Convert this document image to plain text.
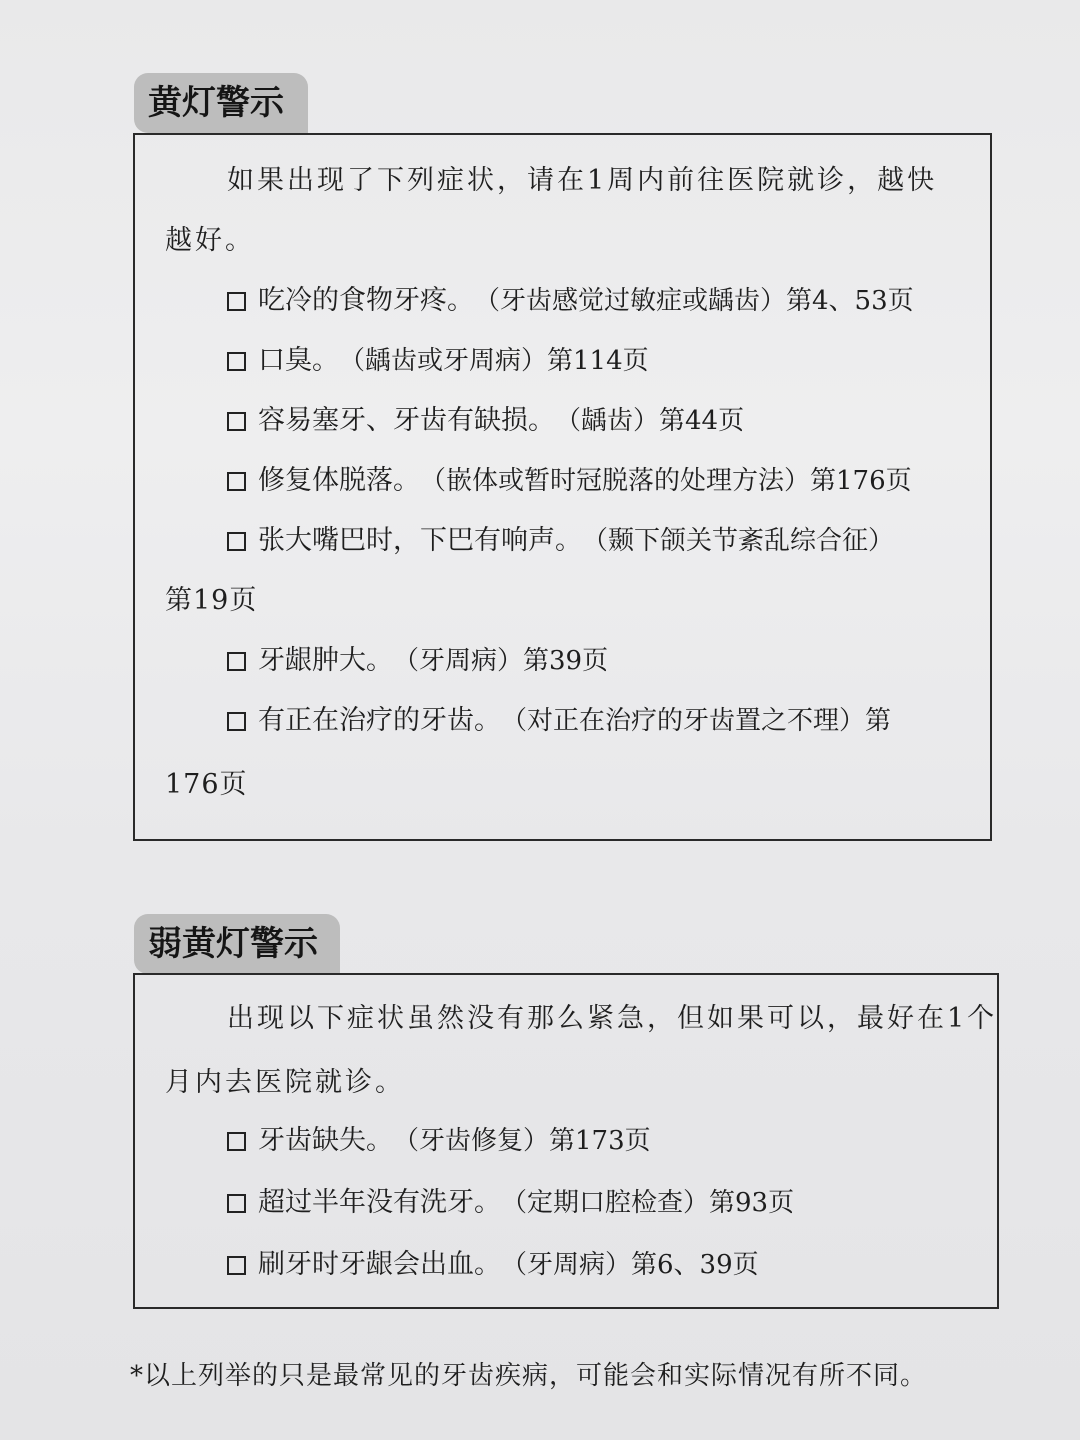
黄灯警示
如果出现了下列症状，请在1周内前往医院就诊，越快
越好。
吃冷的食物牙疼。 （牙齿感觉过敏症或龋齿）第4、53页
口臭。 （龋齿或牙周病）第114页
容易塞牙、牙齿有缺损。 （龋齿）第44页
修复体脱落。 （嵌体或暂时冠脱落的处理方法）第176页
张大嘴巴时，下巴有响声。 （颞下颌关节紊乱综合征）
第19页
牙龈肿大。 （牙周病）第39页
有正在治疗的牙齿。 （对正在治疗的牙齿置之不理）第
176页
弱黄灯警示
出现以下症状虽然没有那么紧急，但如果可以，最好在1个
月内去医院就诊。
牙齿缺失。 （牙齿修复）第173页
超过半年没有洗牙。 （定期口腔检查）第93页
刷牙时牙龈会出血。 （牙周病）第6、39页
*以上列举的只是最常见的牙齿疾病，可能会和实际情况有所不同。
